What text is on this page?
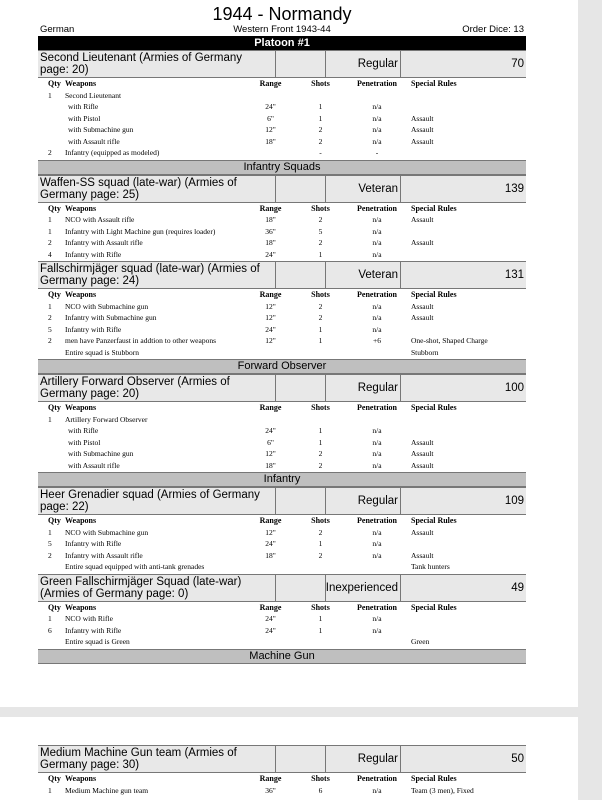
1944 - Normandy
German	Western Front 1943-44	Order Dice: 13
Platoon #1
Second Lieutenant (Armies of Germany page: 20)	Regular	70
Qty	Weapons	Range	Shots	Penetration	Special Rules
1	Second Lieutenant				
	with Rifle	24"	1	n/a	
	with Pistol	6"	1	n/a	Assault
	with Submachine gun	12"	2	n/a	Assault
	with Assault rifle	18"	2	n/a	Assault
2	Infantry (equipped as modeled)		-	-	
Infantry Squads
Waffen-SS squad (late-war) (Armies of Germany page: 25)	Veteran	139
Qty	Weapons	Range	Shots	Penetration	Special Rules
1	NCO with Assault rifle	18"	2	n/a	Assault
1	Infantry with Light Machine gun (requires loader)	36"	5	n/a	
2	Infantry with Assault rifle	18"	2	n/a	Assault
4	Infantry with Rifle	24"	1	n/a	
Fallschirmjäger squad (late-war) (Armies of Germany page: 24)	Veteran	131
Qty	Weapons	Range	Shots	Penetration	Special Rules
1	NCO with Submachine gun	12"	2	n/a	Assault
2	Infantry with Submachine gun	12"	2	n/a	Assault
5	Infantry with Rifle	24"	1	n/a	
2	men have Panzerfaust in addtion to other weapons	12"	1	+6	One-shot, Shaped Charge
	Entire squad is Stubborn				Stubborn
Forward Observer
Artillery Forward Observer (Armies of Germany page: 20)	Regular	100
Qty	Weapons	Range	Shots	Penetration	Special Rules
1	Artillery Forward Observer				
	with Rifle	24"	1	n/a	
	with Pistol	6"	1	n/a	Assault
	with Submachine gun	12"	2	n/a	Assault
	with Assault rifle	18"	2	n/a	Assault
Infantry
Heer Grenadier squad (Armies of Germany page: 22)	Regular	109
Qty	Weapons	Range	Shots	Penetration	Special Rules
1	NCO with Submachine gun	12"	2	n/a	Assault
5	Infantry with Rifle	24"	1	n/a	
2	Infantry with Assault rifle	18"	2	n/a	Assault
	Entire squad equipped with anti-tank grenades				Tank hunters
Green Fallschirmjäger Squad (late-war) (Armies of Germany page: 0)	Inexperienced	49
Qty	Weapons	Range	Shots	Penetration	Special Rules
1	NCO with Rifle	24"	1	n/a	
6	Infantry with Rifle	24"	1	n/a	
	Entire squad is Green				Green
Machine Gun
Medium Machine Gun team (Armies of Germany page: 30)	Regular	50
Qty	Weapons	Range	Shots	Penetration	Special Rules
1	Medium Machine gun team	36"	6	n/a	Team (3 men), Fixed
